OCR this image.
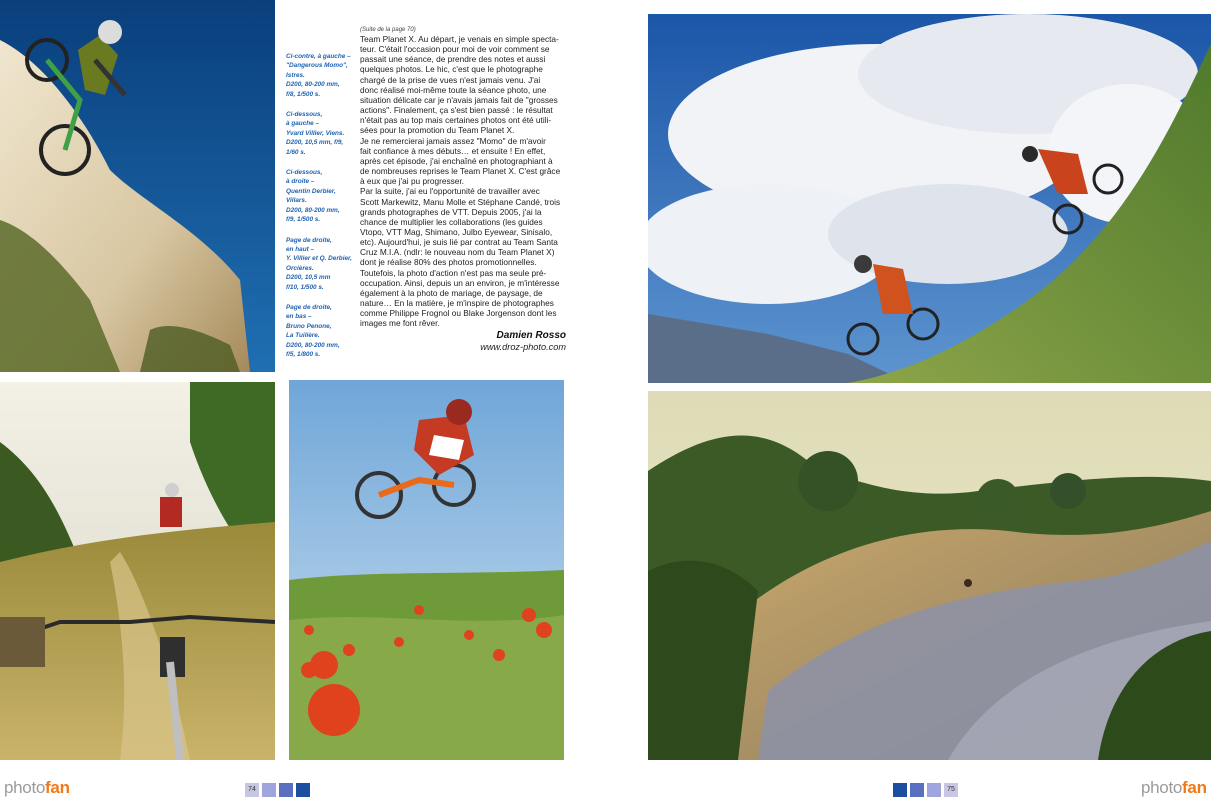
Ci-contre, à gauche –
"Dangerous Momo",
Istres.
D200, 80-200 mm,
f/8, 1/500 s.
Ci-dessous,
à gauche –
Yvard Villier, Viens.
D200, 10,5 mm, f/9,
1/60 s.
Ci-dessous,
à droite –
Quentin Derbier,
Villars.
D200, 80-200 mm,
f/9, 1/500 s.
Page de droite,
en haut –
Y. Villier et Q. Derbier,
Orcières.
D200, 10,5 mm
f/10, 1/500 s.
Page de droite,
en bas –
Bruno Penone,
La Tuilière.
D200, 80-200 mm,
f/5, 1/800 s.
(Suite de la page 70)
Team Planet X. Au départ, je venais en simple specta-
teur. C'était l'occasion pour moi de voir comment se
passait une séance, de prendre des notes et aussi
quelques photos. Le hic, c'est que le photographe
chargé de la prise de vues n'est jamais venu. J'ai
donc réalisé moi-même toute la séance photo, une
situation délicate car je n'avais jamais fait de "grosses
actions". Finalement, ça s'est bien passé : le résultat
n'était pas au top mais certaines photos ont été utili-
sées pour la promotion du Team Planet X.
Je ne remercierai jamais assez "Momo" de m'avoir
fait confiance à mes débuts… et ensuite ! En effet,
après cet épisode, j'ai enchaîné en photographiant à
de nombreuses reprises le Team Planet X. C'est grâce
à eux que j'ai pu progresser.
Par la suite, j'ai eu l'opportunité de travailler avec
Scott Markewitz, Manu Molle et Stéphane Candé, trois
grands photographes de VTT. Depuis 2005, j'ai la
chance de multiplier les collaborations (les guides
Vtopo, VTT Mag, Shimano, Julbo Eyewear, Sinisalo,
etc). Aujourd'hui, je suis lié par contrat au Team Santa
Cruz M.I.A. (ndlr: le nouveau nom du Team Planet X)
dont je réalise 80% des photos promotionnelles.
Toutefois, la photo d'action n'est pas ma seule pré-
occupation. Ainsi, depuis un an environ, je m'intéresse
également à la photo de mariage, de paysage, de
nature… En la matière, je m'inspire de photographes
comme Philippe Frognol ou Blake Jorgenson dont les
images me font rêver.
Damien Rosso
www.droz-photo.com
photofan	74	75	photofan
